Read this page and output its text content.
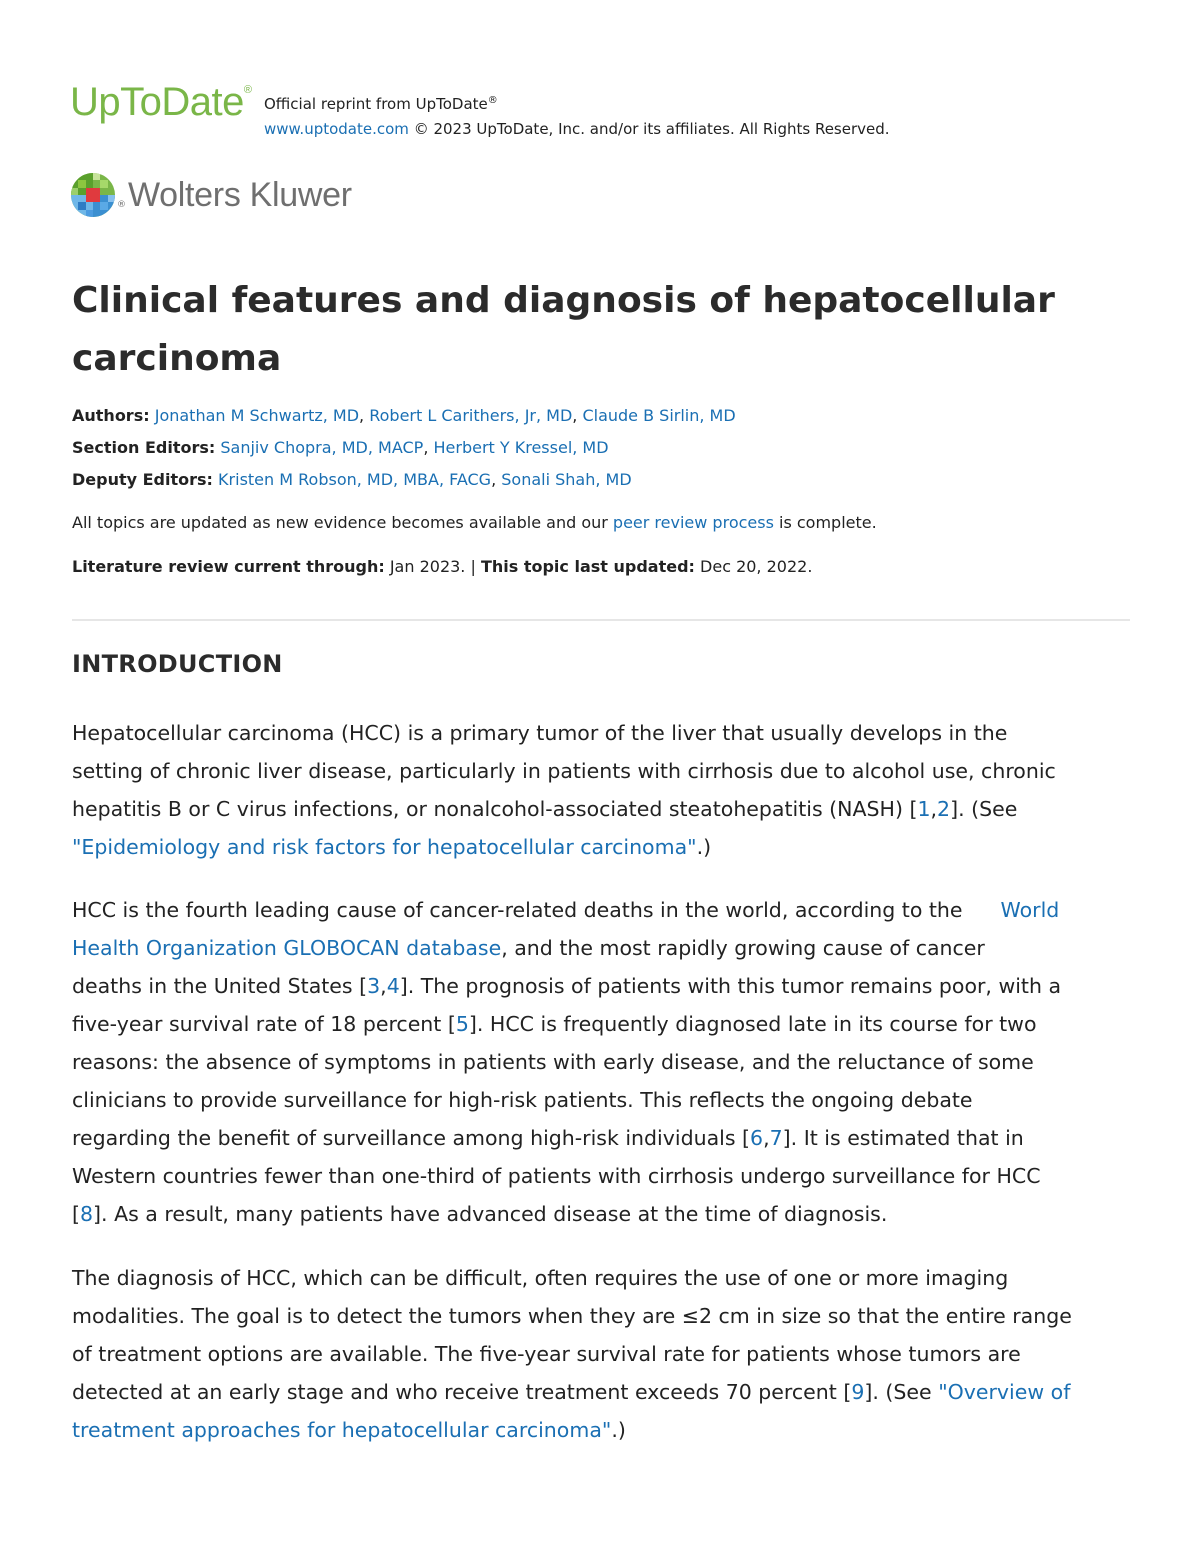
UpToDate®
Official reprint from UpToDate®
www.uptodate.com © 2023 UpToDate, Inc. and/or its affiliates. All Rights Reserved.
® Wolters Kluwer
Clinical features and diagnosis of hepatocellular
carcinoma
Authors: Jonathan M Schwartz, MD, Robert L Carithers, Jr, MD, Claude B Sirlin, MD
Section Editors: Sanjiv Chopra, MD, MACP, Herbert Y Kressel, MD
Deputy Editors: Kristen M Robson, MD, MBA, FACG, Sonali Shah, MD
All topics are updated as new evidence becomes available and our peer review process is complete.
Literature review current through: Jan 2023. | This topic last updated: Dec 20, 2022.
INTRODUCTION
Hepatocellular carcinoma (HCC) is a primary tumor of the liver that usually develops in the
setting of chronic liver disease, particularly in patients with cirrhosis due to alcohol use, chronic
hepatitis B or C virus infections, or nonalcohol-associated steatohepatitis (NASH) [1,2]. (See
"Epidemiology and risk factors for hepatocellular carcinoma".)
HCC is the fourth leading cause of cancer-related deaths in the world, according to the World
Health Organization GLOBOCAN database, and the most rapidly growing cause of cancer
deaths in the United States [3,4]. The prognosis of patients with this tumor remains poor, with a
five-year survival rate of 18 percent [5]. HCC is frequently diagnosed late in its course for two
reasons: the absence of symptoms in patients with early disease, and the reluctance of some
clinicians to provide surveillance for high-risk patients. This reflects the ongoing debate
regarding the benefit of surveillance among high-risk individuals [6,7]. It is estimated that in
Western countries fewer than one-third of patients with cirrhosis undergo surveillance for HCC
[8]. As a result, many patients have advanced disease at the time of diagnosis.
The diagnosis of HCC, which can be difficult, often requires the use of one or more imaging
modalities. The goal is to detect the tumors when they are ≤2 cm in size so that the entire range
of treatment options are available. The five-year survival rate for patients whose tumors are
detected at an early stage and who receive treatment exceeds 70 percent [9]. (See "Overview of
treatment approaches for hepatocellular carcinoma".)
